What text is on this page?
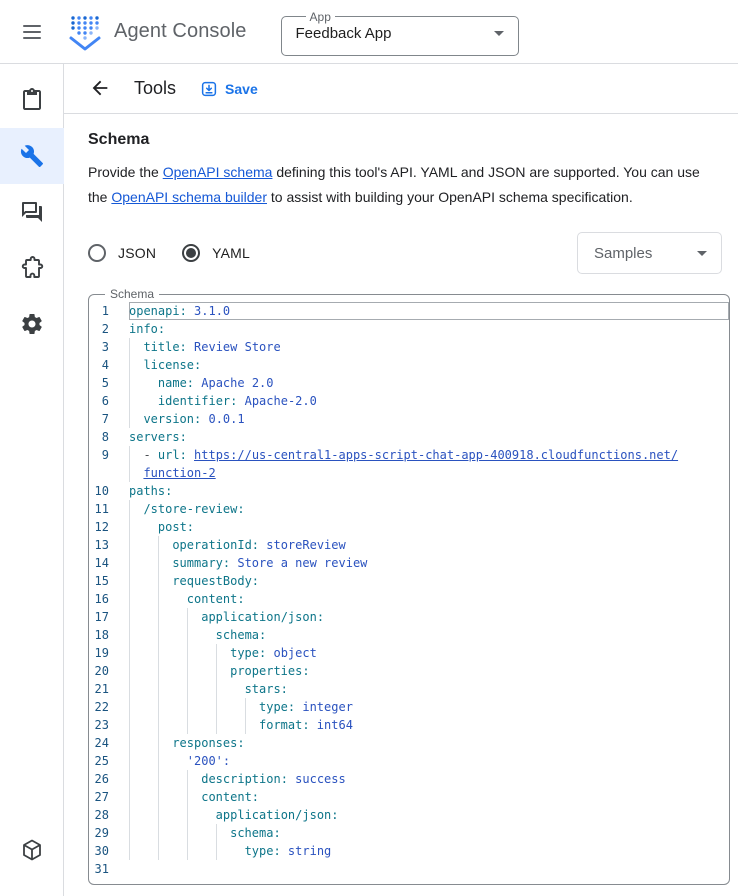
Agent Console
App
Feedback App
Tools	Save
Schema

Provide the OpenAPI schema defining this tool's API. YAML and JSON are supported. You can use
the OpenAPI schema builder to assist with building your OpenAPI schema specification.

JSON	YAML	Samples
Schema
1	openapi: 3.1.0
2	info:
3	title: Review Store
4	license:
5	name: Apache 2.0
6	identifier: Apache-2.0
7	version: 0.0.1
8	servers:
9	- url: https://us-central1-apps-script-chat-app-400918.cloudfunctions.net/
function-2
10	paths:
11	/store-review:
12	post:
13	operationId: storeReview
14	summary: Store a new review
15	requestBody:
16	content:
17	application/json:
18	schema:
19	type: object
20	properties:
21	stars:
22	type: integer
23	format: int64
24	responses:
25	'200':
26	description: success
27	content:
28	application/json:
29	schema:
30	type: string
31
